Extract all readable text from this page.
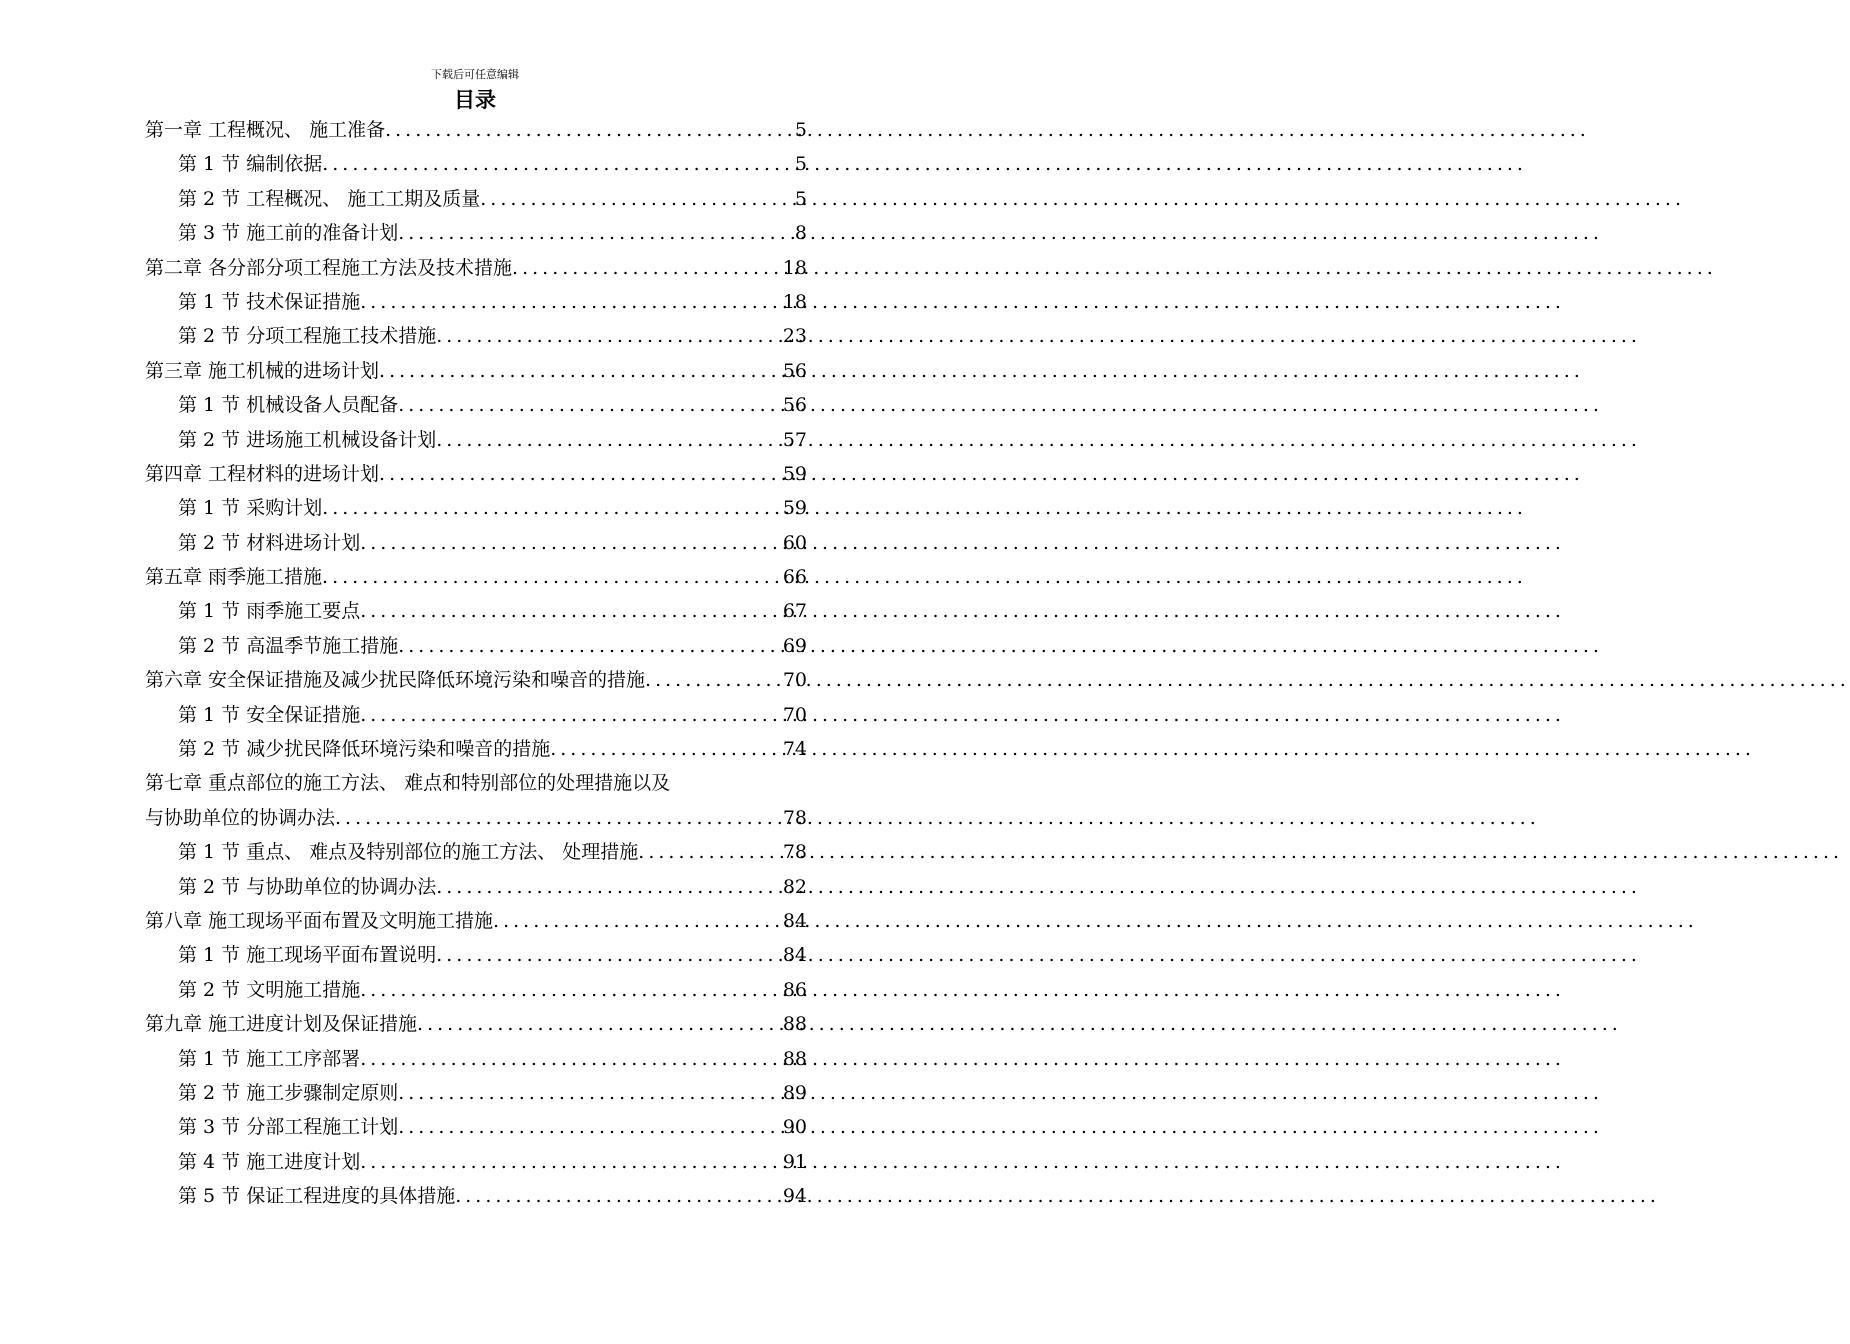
下载后可任意编辑
目录
第一章 工程概况、 施工准备 .....	5
第 1 节 编制依据 .....	5
第 2 节 工程概况、 施工工期及质量 .....	5
第 3 节 施工前的准备计划 .....	8
第二章 各分部分项工程施工方法及技术措施 .....	18
第 1 节 技术保证措施 .....	18
第 2 节 分项工程施工技术措施 .....	23
第三章 施工机械的进场计划 .....	56
第 1 节 机械设备人员配备 .....	56
第 2 节 进场施工机械设备计划 .....	57
第四章 工程材料的进场计划 .....	59
第 1 节 采购计划 .....	59
第 2 节 材料进场计划 .....	60
第五章 雨季施工措施 .....	66
第 1 节 雨季施工要点 .....	67
第 2 节 高温季节施工措施 .....	69
第六章 安全保证措施及减少扰民降低环境污染和噪音的措施 .....	70
第 1 节 安全保证措施 .....	70
第 2 节 减少扰民降低环境污染和噪音的措施 .....	74
第七章 重点部位的施工方法、 难点和特别部位的处理措施以及
与协助单位的协调办法 .....	78
第 1 节 重点、 难点及特别部位的施工方法、 处理措施 .....	78
第 2 节 与协助单位的协调办法 .....	82
第八章 施工现场平面布置及文明施工措施 .....	84
第 1 节 施工现场平面布置说明 .....	84
第 2 节 文明施工措施 .....	86
第九章 施工进度计划及保证措施 .....	88
第 1 节 施工工序部署 .....	88
第 2 节 施工步骤制定原则 .....	89
第 3 节 分部工程施工计划 .....	90
第 4 节 施工进度计划 .....	91
第 5 节 保证工程进度的具体措施 .....	94
